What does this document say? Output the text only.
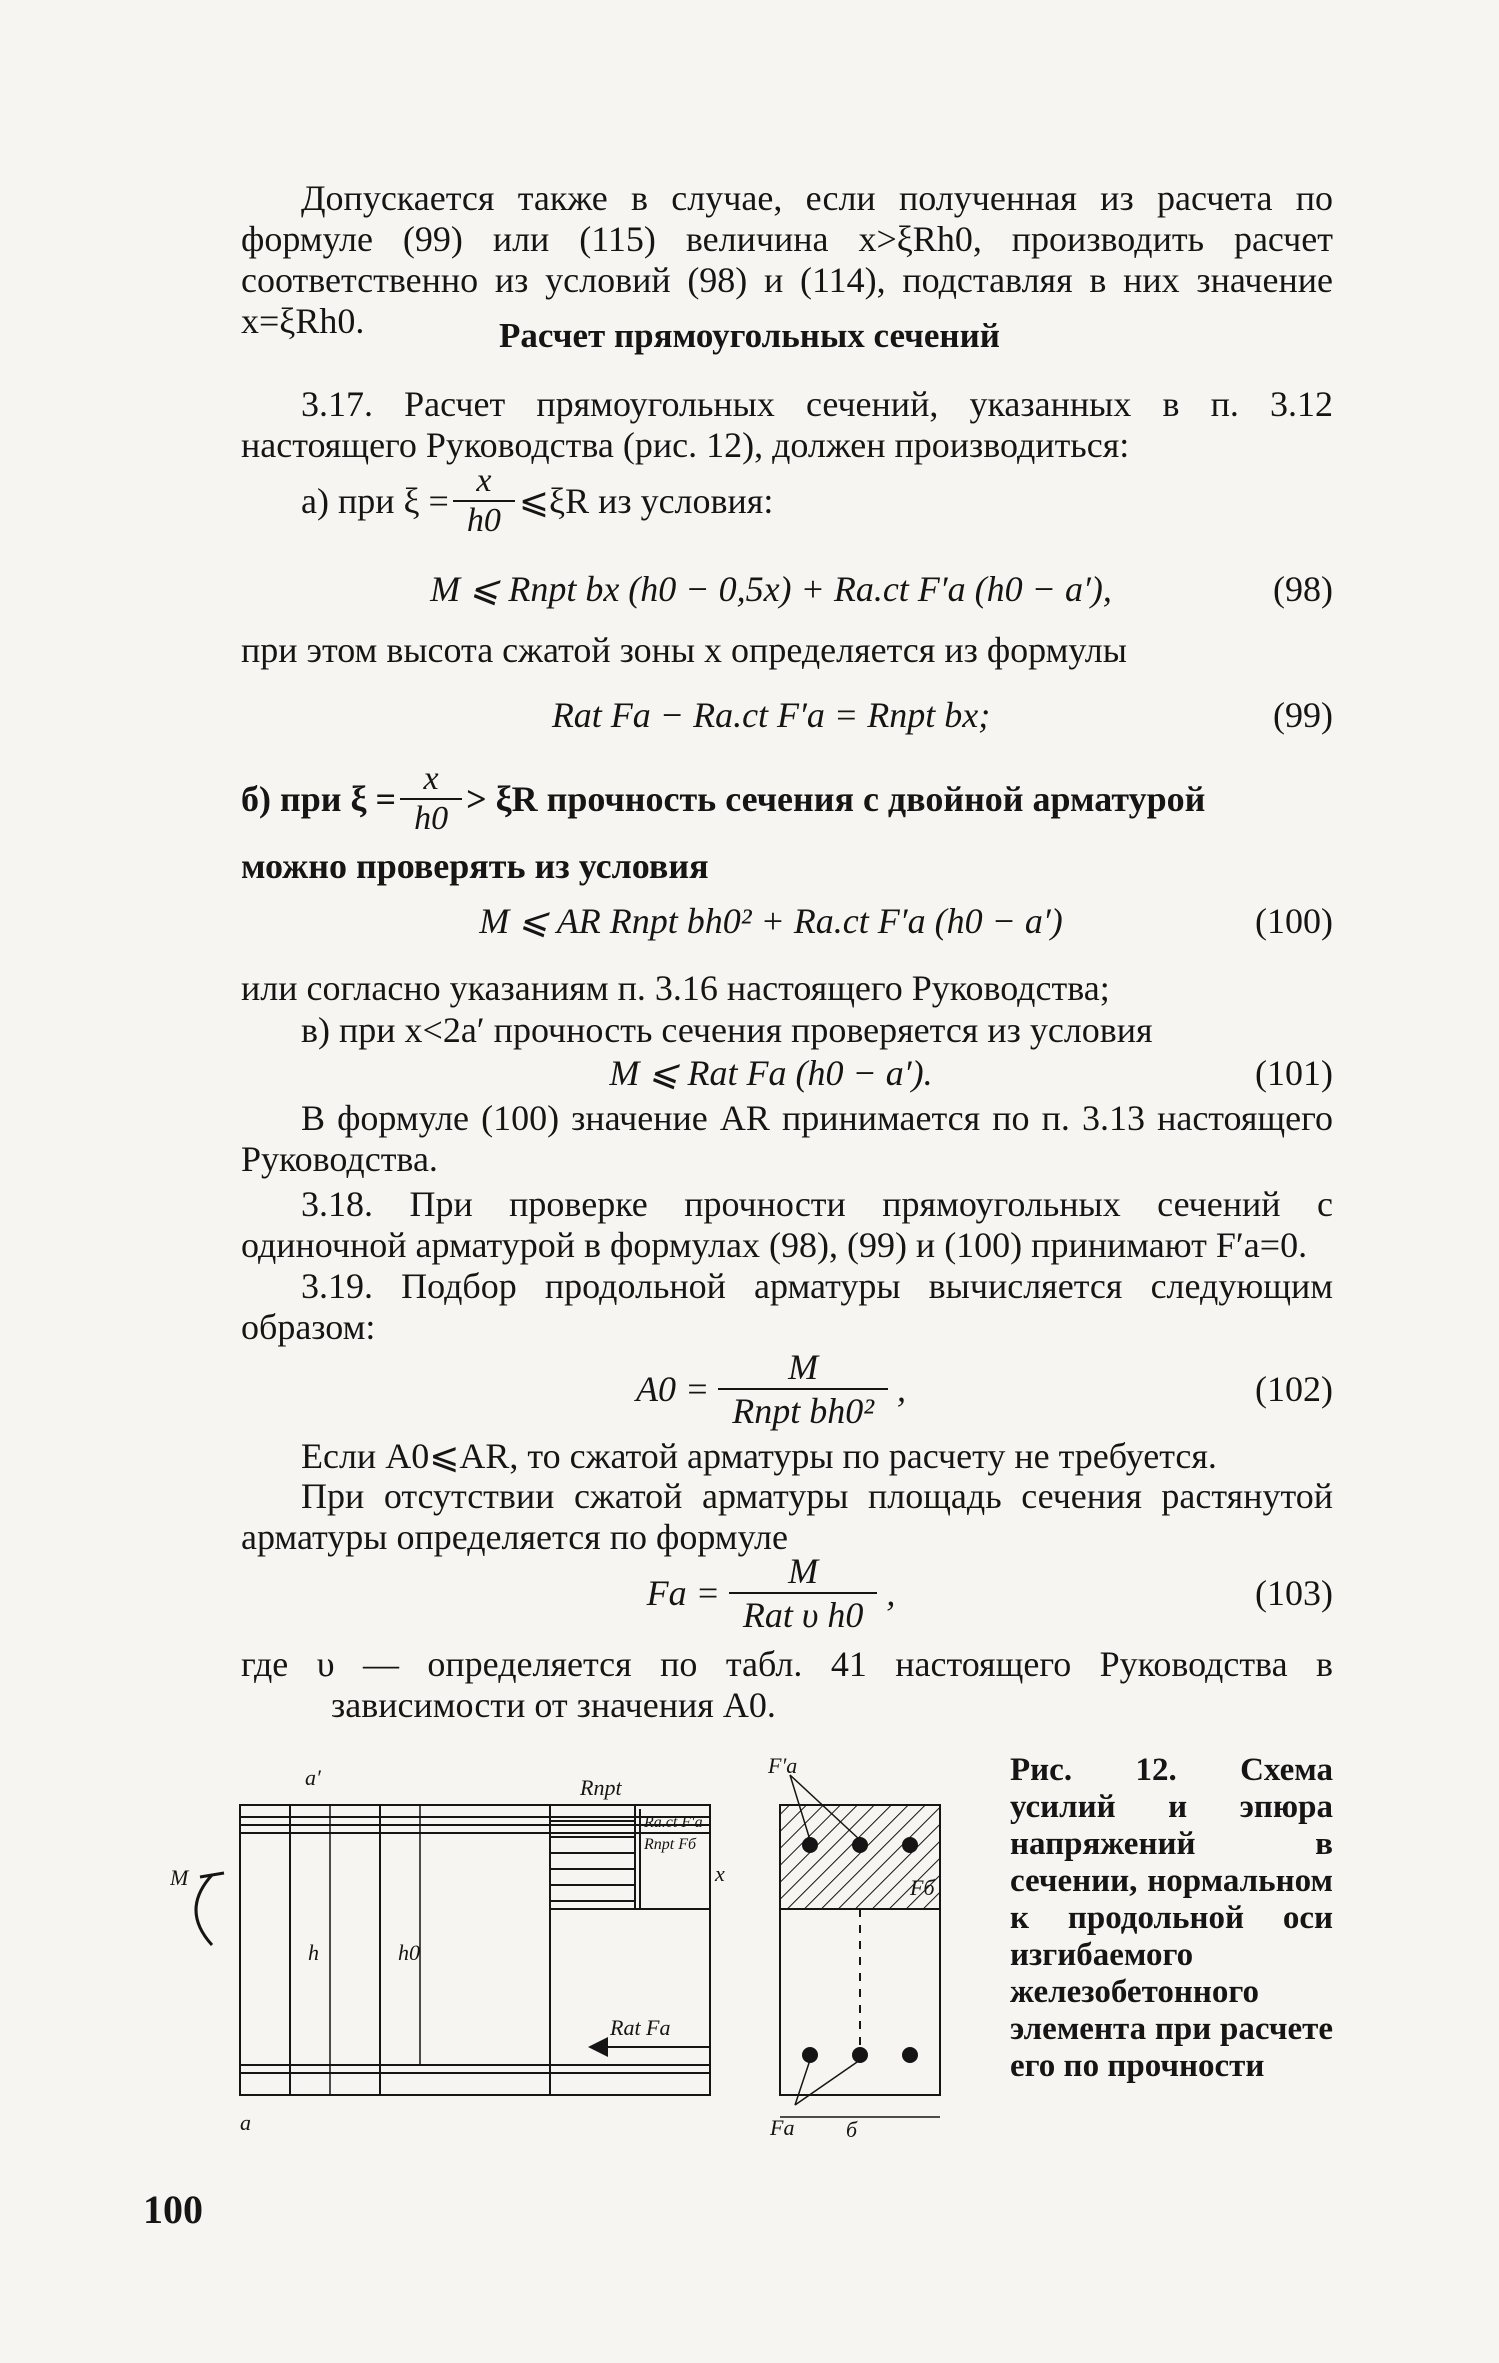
Допускается также в случае, если полученная из расчета по формуле (99) или (115) величина x>ξRh0, производить расчет соответственно из условий (98) и (114), подставляя в них значение x=ξRh0.	Расчет прямоугольных сечений

3.17. Расчет прямоугольных сечений, указанных в п. 3.12 настоящего Руководства (рис. 12), должен производиться:

а) при $\xi = \frac{x}{h0}$ ⩽ξR из условия:
M ⩽ Rпрt bx (h0 − 0,5x) + Ra.ct F′a (h0 − a′),	(98)

при этом высота сжатой зоны x определяется из формулы

Rat Fa − Ra.ct F′a = Rпрt bx;	(99)
б) при $\xi = \frac{x}{h0} > \xi R$ прочность сечения с двойной арматурой

можно проверять из условия

M ⩽ AR Rпрt bh0² + Ra.ct F′a (h0 − a′)	(100)

или согласно указаниям п. 3.16 настоящего Руководства;

в) при x<2a′ прочность сечения проверяется из условия

M ⩽ Rat Fa (h0 − a′).	(101)

В формуле (100) значение AR принимается по п. 3.13 настоящего Руководства.

3.18. При проверке прочности прямоугольных сечений с одиночной арматурой в формулах (98), (99) и (100) принимают F′a=0.

3.19. Подбор продольной арматуры вычисляется следующим образом:

$A0 = \frac{M}{\text{Rпрt bh0²}}$ ,	(102)

Если A0⩽AR, то сжатой арматуры по расчету не требуется.

При отсутствии сжатой арматуры площадь сечения растянутой арматуры определяется по формуле

$Fa = \frac{M}{\text{Rat υ h0}}$ ,	(103)

где υ — определяется по табл. 41 настоящего Руководства в зависимости от значения A0.

a′
a
h	h0
M
Rпрt
Ra.ct F′a
Rпрt Fб
x
Rat Fa
F′a
Fa
Fб
б

Рис. 12. Схема усилий и эпюра напряжений в сечении, нормальном к продольной оси изгибаемого железобетонного элемента при расчете его по прочности

100
